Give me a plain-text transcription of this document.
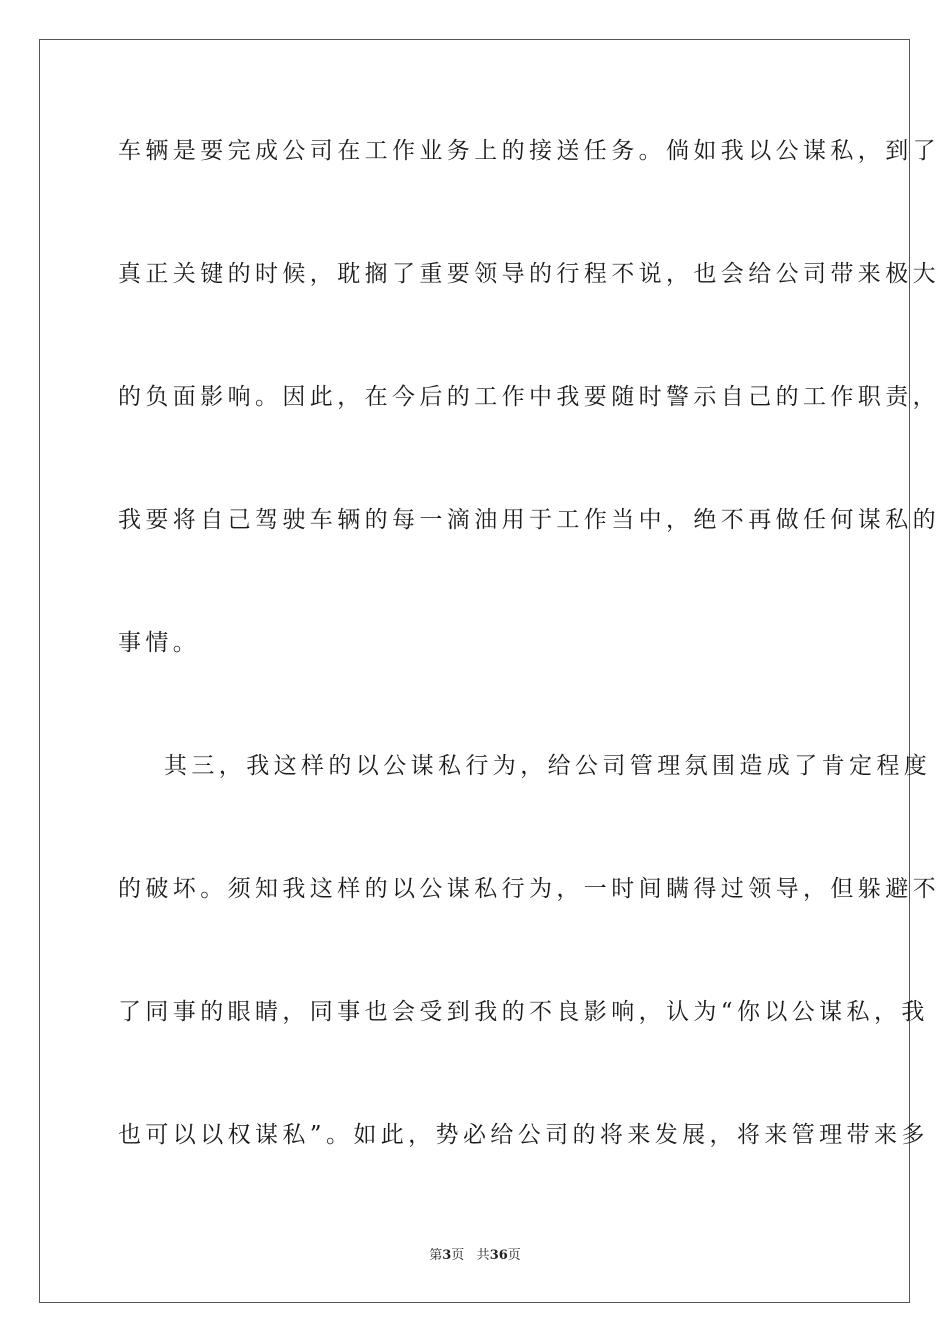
车辆是要完成公司在工作业务上的接送任务。倘如我以公谋私，到了
真正关键的时候，耽搁了重要领导的行程不说，也会给公司带来极大
的负面影响。因此，在今后的工作中我要随时警示自己的工作职责，
我要将自己驾驶车辆的每一滴油用于工作当中，绝不再做任何谋私的
事情。
其三，我这样的以公谋私行为，给公司管理氛围造成了肯定程度
的破坏。须知我这样的以公谋私行为，一时间瞒得过领导，但躲避不
了同事的眼睛，同事也会受到我的不良影响，认为“你以公谋私，我
也可以以权谋私”。如此，势必给公司的将来发展，将来管理带来多
第3页 共36页
